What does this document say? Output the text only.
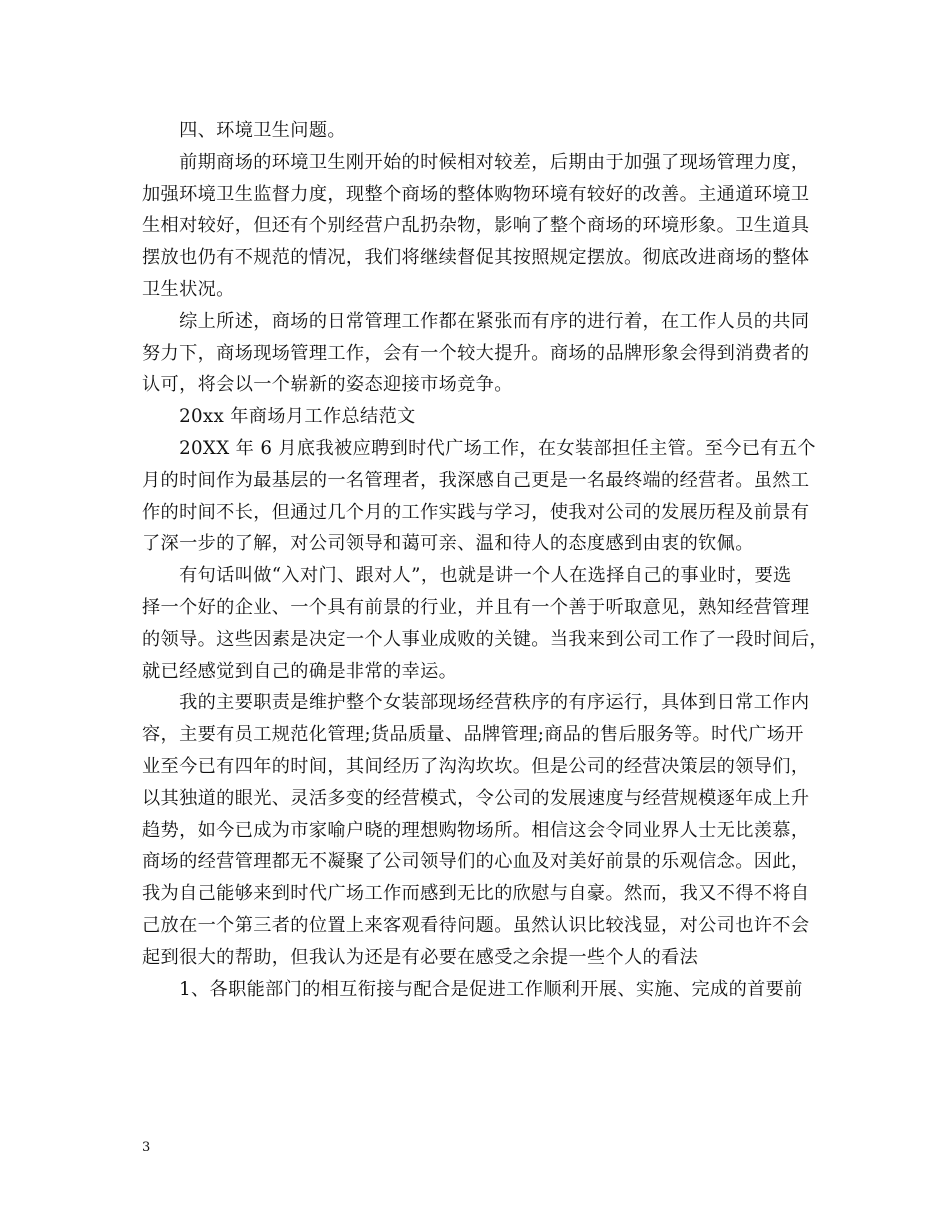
　　四、环境卫生问题。
　　前期商场的环境卫生刚开始的时候相对较差，后期由于加强了现场管理力度，
加强环境卫生监督力度，现整个商场的整体购物环境有较好的改善。主通道环境卫
生相对较好，但还有个别经营户乱扔杂物，影响了整个商场的环境形象。卫生道具
摆放也仍有不规范的情况，我们将继续督促其按照规定摆放。彻底改进商场的整体
卫生状况。
　　综上所述，商场的日常管理工作都在紧张而有序的进行着，在工作人员的共同
努力下，商场现场管理工作，会有一个较大提升。商场的品牌形象会得到消费者的
认可，将会以一个崭新的姿态迎接市场竞争。
　　20xx 年商场月工作总结范文
　　20XX 年 6 月底我被应聘到时代广场工作，在女装部担任主管。至今已有五个
月的时间作为最基层的一名管理者，我深感自己更是一名最终端的经营者。虽然工
作的时间不长，但通过几个月的工作实践与学习，使我对公司的发展历程及前景有
了深一步的了解，对公司领导和蔼可亲、温和待人的态度感到由衷的钦佩。
　　有句话叫做“入对门、跟对人”，也就是讲一个人在选择自己的事业时，要选
择一个好的企业、一个具有前景的行业，并且有一个善于听取意见，熟知经营管理
的领导。这些因素是决定一个人事业成败的关键。当我来到公司工作了一段时间后，
就已经感觉到自己的确是非常的幸运。
　　我的主要职责是维护整个女装部现场经营秩序的有序运行，具体到日常工作内
容，主要有员工规范化管理;货品质量、品牌管理;商品的售后服务等。时代广场开
业至今已有四年的时间，其间经历了沟沟坎坎。但是公司的经营决策层的领导们，
以其独道的眼光、灵活多变的经营模式，令公司的发展速度与经营规模逐年成上升
趋势，如今已成为市家喻户晓的理想购物场所。相信这会令同业界人士无比羡慕，
商场的经营管理都无不凝聚了公司领导们的心血及对美好前景的乐观信念。因此，
我为自己能够来到时代广场工作而感到无比的欣慰与自豪。然而，我又不得不将自
己放在一个第三者的位置上来客观看待问题。虽然认识比较浅显，对公司也许不会
起到很大的帮助，但我认为还是有必要在感受之余提一些个人的看法
　　1、各职能部门的相互衔接与配合是促进工作顺利开展、实施、完成的首要前
3
